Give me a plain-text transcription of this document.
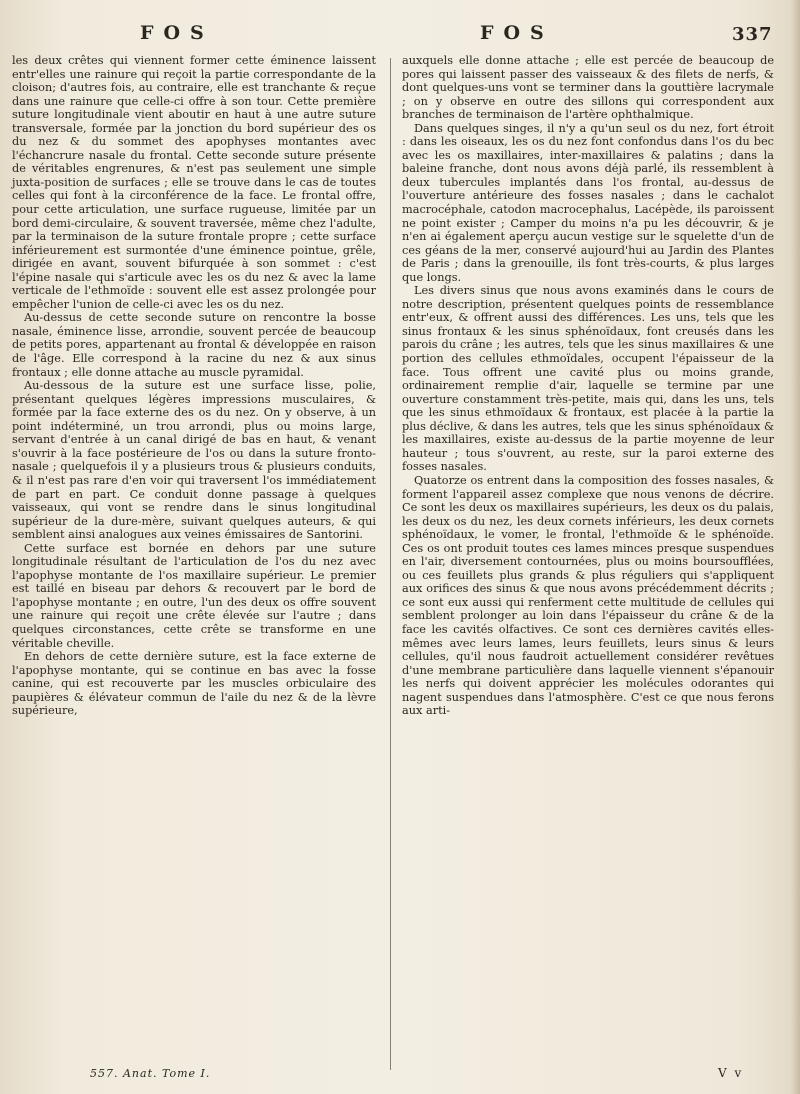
FOS	FOS	337

les deux crêtes qui viennent former cette éminence laissent entr'elles une rainure qui reçoit la partie correspondante de la cloison; d'autres fois, au contraire, elle est tranchante & reçue dans une rainure que celle-ci offre à son tour. Cette première suture longitudinale vient aboutir en haut à une autre suture transversale, formée par la jonction du bord supérieur des os du nez & du sommet des apophyses montantes avec l'échancrure nasale du frontal. Cette seconde suture présente de véritables engrenures, & n'est pas seulement une simple juxta-position de surfaces ; elle se trouve dans le cas de toutes celles qui font à la circonférence de la face. Le frontal offre, pour cette articulation, une surface rugueuse, limitée par un bord demi-circulaire, & souvent traversée, même chez l'adulte, par la terminaison de la suture frontale propre ; cette surface inférieurement est surmontée d'une éminence pointue, grêle, dirigée en avant, souvent bifurquée à son sommet : c'est l'épine nasale qui s'articule avec les os du nez & avec la lame verticale de l'ethmoïde : souvent elle est assez prolongée pour empêcher l'union de celle-ci avec les os du nez.

Au-dessus de cette seconde suture on rencontre la bosse nasale, éminence lisse, arrondie, souvent percée de beaucoup de petits pores, appartenant au frontal & développée en raison de l'âge. Elle correspond à la racine du nez & aux sinus frontaux ; elle donne attache au muscle pyramidal.

Au-dessous de la suture est une surface lisse, polie, présentant quelques légères impressions musculaires, & formée par la face externe des os du nez. On y observe, à un point indéterminé, un trou arrondi, plus ou moins large, servant d'entrée à un canal dirigé de bas en haut, & venant s'ouvrir à la face postérieure de l'os ou dans la suture fronto-nasale ; quelquefois il y a plusieurs trous & plusieurs conduits, & il n'est pas rare d'en voir qui traversent l'os immédiatement de part en part. Ce conduit donne passage à quelques vaisseaux, qui vont se rendre dans le sinus longitudinal supérieur de la dure-mère, suivant quelques auteurs, & qui semblent ainsi analogues aux veines émissaires de Santorini.

Cette surface est bornée en dehors par une suture longitudinale résultant de l'articulation de l'os du nez avec l'apophyse montante de l'os maxillaire supérieur. Le premier est taillé en biseau par dehors & recouvert par le bord de l'apophyse montante ; en outre, l'un des deux os offre souvent une rainure qui reçoit une crête élevée sur l'autre ; dans quelques circonstances, cette crête se transforme en une véritable cheville.

En dehors de cette dernière suture, est la face externe de l'apophyse montante, qui se continue en bas avec la fosse canine, qui est recouverte par les muscles orbiculaire des paupières & élévateur commun de l'aile du nez & de la lèvre supérieure,

auxquels elle donne attache ; elle est percée de beaucoup de pores qui laissent passer des vaisseaux & des filets de nerfs, & dont quelques-uns vont se terminer dans la gouttière lacrymale ; on y observe en outre des sillons qui correspondent aux branches de terminaison de l'artère ophthalmique.

Dans quelques singes, il n'y a qu'un seul os du nez, fort étroit : dans les oiseaux, les os du nez font confondus dans l'os du bec avec les os maxillaires, inter-maxillaires & palatins ; dans la baleine franche, dont nous avons déjà parlé, ils ressemblent à deux tubercules implantés dans l'os frontal, au-dessus de l'ouverture antérieure des fosses nasales ; dans le cachalot macrocéphale, catodon macrocephalus, Lacépède, ils paroissent ne point exister ; Camper du moins n'a pu les découvrir, & je n'en ai également aperçu aucun vestige sur le squelette d'un de ces géans de la mer, conservé aujourd'hui au Jardin des Plantes de Paris ; dans la grenouille, ils font très-courts, & plus larges que longs.

Les divers sinus que nous avons examinés dans le cours de notre description, présentent quelques points de ressemblance entr'eux, & offrent aussi des différences. Les uns, tels que les sinus frontaux & les sinus sphénoïdaux, font creusés dans les parois du crâne ; les autres, tels que les sinus maxillaires & une portion des cellules ethmoïdales, occupent l'épaisseur de la face. Tous offrent une cavité plus ou moins grande, ordinairement remplie d'air, laquelle se termine par une ouverture constamment très-petite, mais qui, dans les uns, tels que les sinus ethmoïdaux & frontaux, est placée à la partie la plus déclive, & dans les autres, tels que les sinus sphénoïdaux & les maxillaires, existe au-dessus de la partie moyenne de leur hauteur ; tous s'ouvrent, au reste, sur la paroi externe des fosses nasales.

Quatorze os entrent dans la composition des fosses nasales, & forment l'appareil assez complexe que nous venons de décrire. Ce sont les deux os maxillaires supérieurs, les deux os du palais, les deux os du nez, les deux cornets inférieurs, les deux cornets sphénoïdaux, le vomer, le frontal, l'ethmoïde & le sphénoïde. Ces os ont produit toutes ces lames minces presque suspendues en l'air, diversement contournées, plus ou moins boursoufflées, ou ces feuillets plus grands & plus réguliers qui s'appliquent aux orifices des sinus & que nous avons précédemment décrits ; ce sont eux aussi qui renferment cette multitude de cellules qui semblent prolonger au loin dans l'épaisseur du crâne & de la face les cavités olfactives. Ce sont ces dernières cavités elles-mêmes avec leurs lames, leurs feuillets, leurs sinus & leurs cellules, qu'il nous faudroit actuellement considérer revêtues d'une membrane particulière dans laquelle viennent s'épanouir les nerfs qui doivent apprécier les molécules odorantes qui nagent suspendues dans l'atmosphère. C'est ce que nous ferons aux arti-

557. Anat. Tome I.	V v
